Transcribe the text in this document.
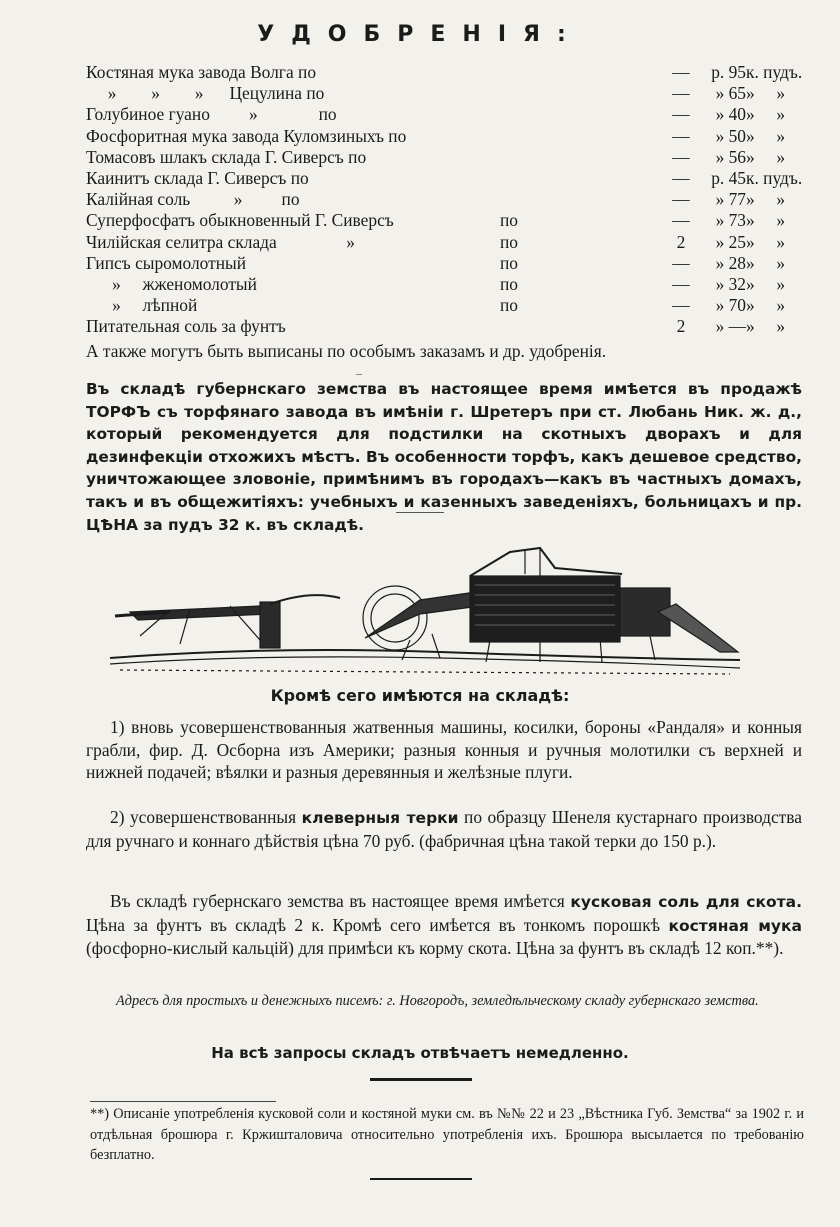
УДОБРЕНІЯ:
Костяная мука завода Волга по	—	р. 95 к. пудъ.
»        »        »      Цецулина по	—	» 65 »     »
Голубиное гуано         »              по	—	» 40 »     »
Фосфоритная мука завода Куломзиныхъ по	—	» 50 »     »
Томасовъ шлакъ склада Г. Сиверсъ по	—	» 56 »     »
Каинитъ склада Г. Сиверсъ по	—	р. 45 к. пудъ.
Калійная соль          »         по	—	» 77 »     »
Суперфосфатъ обыкновенный Г. Сиверсъ	по	—	» 73 »     »
Чилійская селитра склада                »	по	2	» 25 »     »
Гипсъ сыромолотный	по	—	» 28 »     »
»     жженомолотый	по	—	» 32 »     »
»     лѣпной	по	—	» 70 »     »
Питательная соль за фунтъ	2	» — »     »
А также могутъ быть выписаны по особымъ заказамъ и др. удобренія.
‒

Въ складѣ губернскаго земства въ настоящее время имѣется въ продажѣ ТОРФЪ съ торфянаго завода въ имѣніи г. Шретеръ при ст. Любань Ник. ж. д., который рекомендуется для подстилки на скотныхъ дворахъ и для дезинфекціи отхожихъ мѣстъ. Въ особенности торфъ, какъ дешевое средство, уничтожающее зловоніе, примѣнимъ въ городахъ—какъ въ частныхъ домахъ, такъ и въ общежитіяхъ: учебныхъ и казенныхъ заведеніяхъ, больницахъ и пр. ЦѢНА за пудъ 32 к. въ складѣ.

Кромѣ сего имѣются на складѣ:

1) вновь усовершенствованныя жатвенныя машины, косилки, бороны «Рандаля» и конныя грабли, фир. Д. Осборна изъ Америки; разныя конныя и ручныя молотилки съ верхней и нижней подачей; вѣялки и разныя деревянныя и желѣзные плуги.

2) усовершенствованныя клеверныя терки по образцу Шенеля кустарнаго производства для ручнаго и коннаго дѣйствія цѣна 70 руб. (фабричная цѣна такой терки до 150 р.).

Въ складѣ губернскаго земства въ настоящее время имѣется кусковая соль для скота. Цѣна за фунтъ въ складѣ 2 к. Кромѣ сего имѣется въ тонкомъ порошкѣ костяная мука (фосфорно-кислый кальцій) для примѣси къ корму скота. Цѣна за фунтъ въ складѣ 12 коп.**).

Адресъ для простыхъ и денежныхъ писемъ: г. Новгородъ, земледѣльческому складу губернскаго земства.

На всѣ запросы складъ отвѣчаетъ немедленно.

**) Описаніе употребленія кусковой соли и костяной муки см. въ №№ 22 и 23 „Вѣстника Губ. Земства“ за 1902 г. и отдѣльная брошюра г. Кржишталовича относительно употребленія ихъ. Брошюра высылается по требованію безплатно.
